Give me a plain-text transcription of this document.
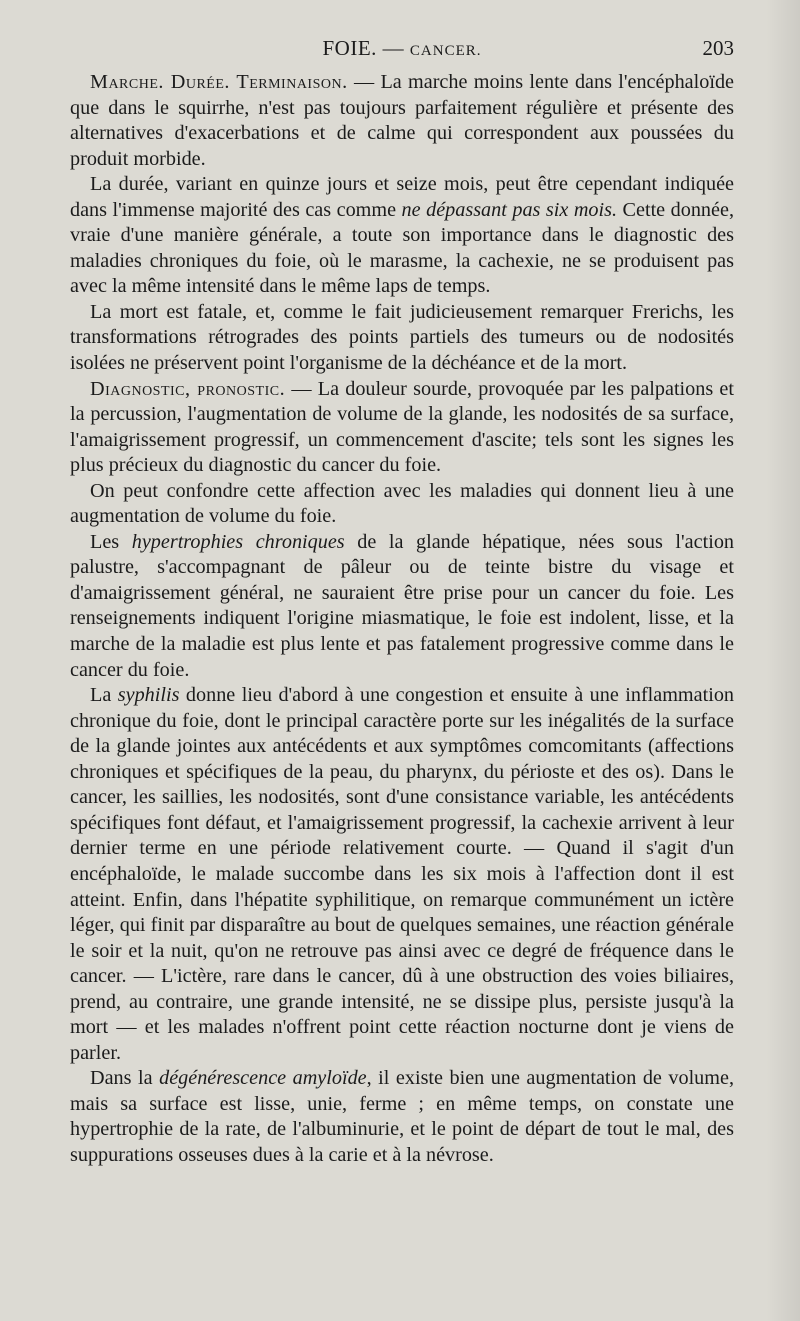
FOIE. — CANCER.	203

Marche. Durée. Terminaison. — La marche moins lente dans l'encéphaloïde que dans le squirrhe, n'est pas toujours parfaitement régulière et présente des alternatives d'exacerbations et de calme qui correspondent aux poussées du produit morbide.

La durée, variant en quinze jours et seize mois, peut être cependant indiquée dans l'immense majorité des cas comme ne dépassant pas six mois. Cette donnée, vraie d'une manière générale, a toute son importance dans le diagnostic des maladies chroniques du foie, où le marasme, la cachexie, ne se produisent pas avec la même intensité dans le même laps de temps.

La mort est fatale, et, comme le fait judicieusement remarquer Frerichs, les transformations rétrogrades des points partiels des tumeurs ou de nodosités isolées ne préservent point l'organisme de la déchéance et de la mort.

Diagnostic, pronostic. — La douleur sourde, provoquée par les palpations et la percussion, l'augmentation de volume de la glande, les nodosités de sa surface, l'amaigrissement progressif, un commencement d'ascite; tels sont les signes les plus précieux du diagnostic du cancer du foie.

On peut confondre cette affection avec les maladies qui donnent lieu à une augmentation de volume du foie.

Les hypertrophies chroniques de la glande hépatique, nées sous l'action palustre, s'accompagnant de pâleur ou de teinte bistre du visage et d'amaigrissement général, ne sauraient être prise pour un cancer du foie. Les renseignements indiquent l'origine miasmatique, le foie est indolent, lisse, et la marche de la maladie est plus lente et pas fatalement progressive comme dans le cancer du foie.

La syphilis donne lieu d'abord à une congestion et ensuite à une inflammation chronique du foie, dont le principal caractère porte sur les inégalités de la surface de la glande jointes aux antécédents et aux symptômes comcomitants (affections chroniques et spécifiques de la peau, du pharynx, du périoste et des os). Dans le cancer, les saillies, les nodosités, sont d'une consistance variable, les antécédents spécifiques font défaut, et l'amaigrissement progressif, la cachexie arrivent à leur dernier terme en une période relativement courte. — Quand il s'agit d'un encéphaloïde, le malade succombe dans les six mois à l'affection dont il est atteint. Enfin, dans l'hépatite syphilitique, on remarque communément un ictère léger, qui finit par disparaître au bout de quelques semaines, une réaction générale le soir et la nuit, qu'on ne retrouve pas ainsi avec ce degré de fréquence dans le cancer. — L'ictère, rare dans le cancer, dû à une obstruction des voies biliaires, prend, au contraire, une grande intensité, ne se dissipe plus, persiste jusqu'à la mort — et les malades n'offrent point cette réaction nocturne dont je viens de parler.

Dans la dégénérescence amyloïde, il existe bien une augmentation de volume, mais sa surface est lisse, unie, ferme ; en même temps, on constate une hypertrophie de la rate, de l'albuminurie, et le point de départ de tout le mal, des suppurations osseuses dues à la carie et à la névrose.
